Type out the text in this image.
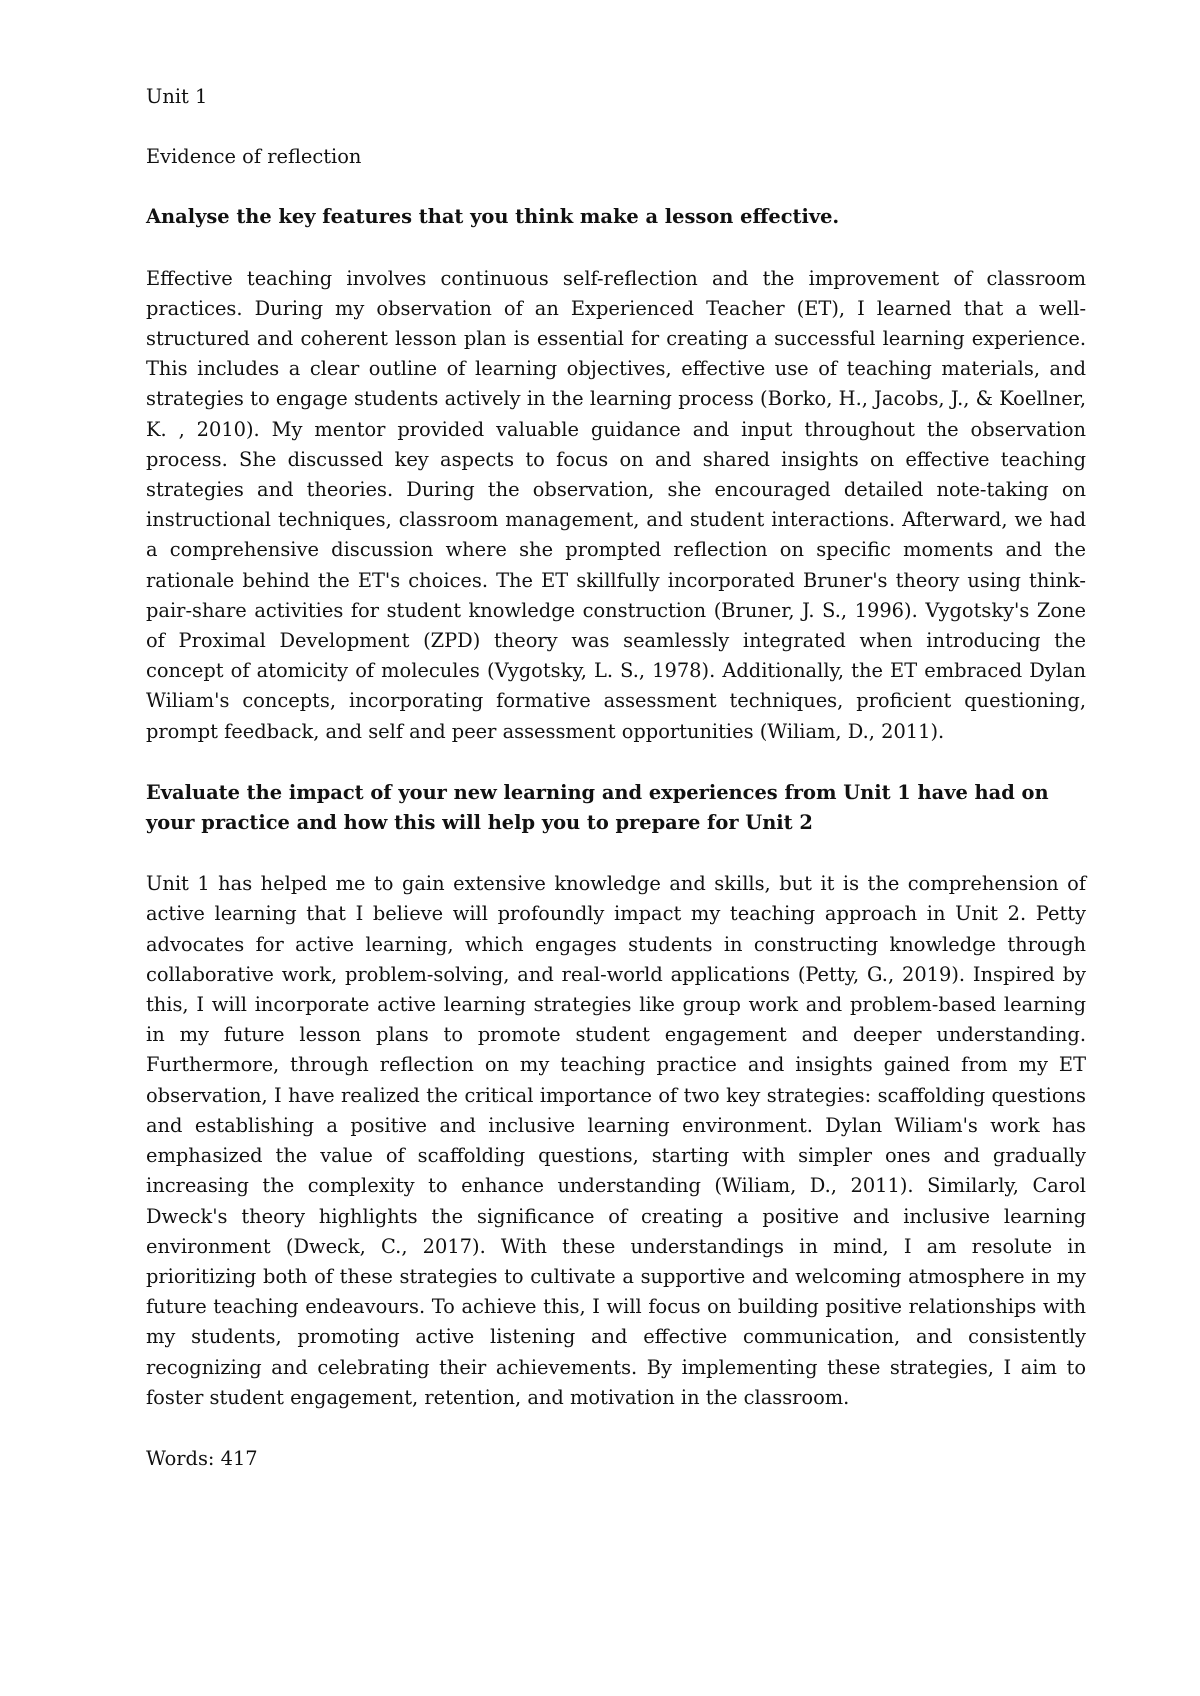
Unit 1

Evidence of reflection

Analyse the key features that you think make a lesson effective.

Effective teaching involves continuous self-reflection and the improvement of classroom practices. During my observation of an Experienced Teacher (ET), I learned that a well-structured and coherent lesson plan is essential for creating a successful learning experience. This includes a clear outline of learning objectives, effective use of teaching materials, and strategies to engage students actively in the learning process (Borko, H., Jacobs, J., & Koellner, K. , 2010). My mentor provided valuable guidance and input throughout the observation process. She discussed key aspects to focus on and shared insights on effective teaching strategies and theories. During the observation, she encouraged detailed note-taking on instructional techniques, classroom management, and student interactions. Afterward, we had a comprehensive discussion where she prompted reflection on specific moments and the rationale behind the ET's choices. The ET skillfully incorporated Bruner's theory using think-pair-share activities for student knowledge construction (Bruner, J. S., 1996). Vygotsky's Zone of Proximal Development (ZPD) theory was seamlessly integrated when introducing the concept of atomicity of molecules (Vygotsky, L. S., 1978). Additionally, the ET embraced Dylan Wiliam's concepts, incorporating formative assessment techniques, proficient questioning, prompt feedback, and self and peer assessment opportunities (Wiliam, D., 2011).

Evaluate the impact of your new learning and experiences from Unit 1 have had on your practice and how this will help you to prepare for Unit 2

Unit 1 has helped me to gain extensive knowledge and skills, but it is the comprehension of active learning that I believe will profoundly impact my teaching approach in Unit 2. Petty advocates for active learning, which engages students in constructing knowledge through collaborative work, problem-solving, and real-world applications (Petty, G., 2019). Inspired by this, I will incorporate active learning strategies like group work and problem-based learning in my future lesson plans to promote student engagement and deeper understanding. Furthermore, through reflection on my teaching practice and insights gained from my ET observation, I have realized the critical importance of two key strategies: scaffolding questions and establishing a positive and inclusive learning environment. Dylan Wiliam's work has emphasized the value of scaffolding questions, starting with simpler ones and gradually increasing the complexity to enhance understanding (Wiliam, D., 2011). Similarly, Carol Dweck's theory highlights the significance of creating a positive and inclusive learning environment (Dweck, C., 2017). With these understandings in mind, I am resolute in prioritizing both of these strategies to cultivate a supportive and welcoming atmosphere in my future teaching endeavours. To achieve this, I will focus on building positive relationships with my students, promoting active listening and effective communication, and consistently recognizing and celebrating their achievements. By implementing these strategies, I aim to foster student engagement, retention, and motivation in the classroom.

Words: 417
